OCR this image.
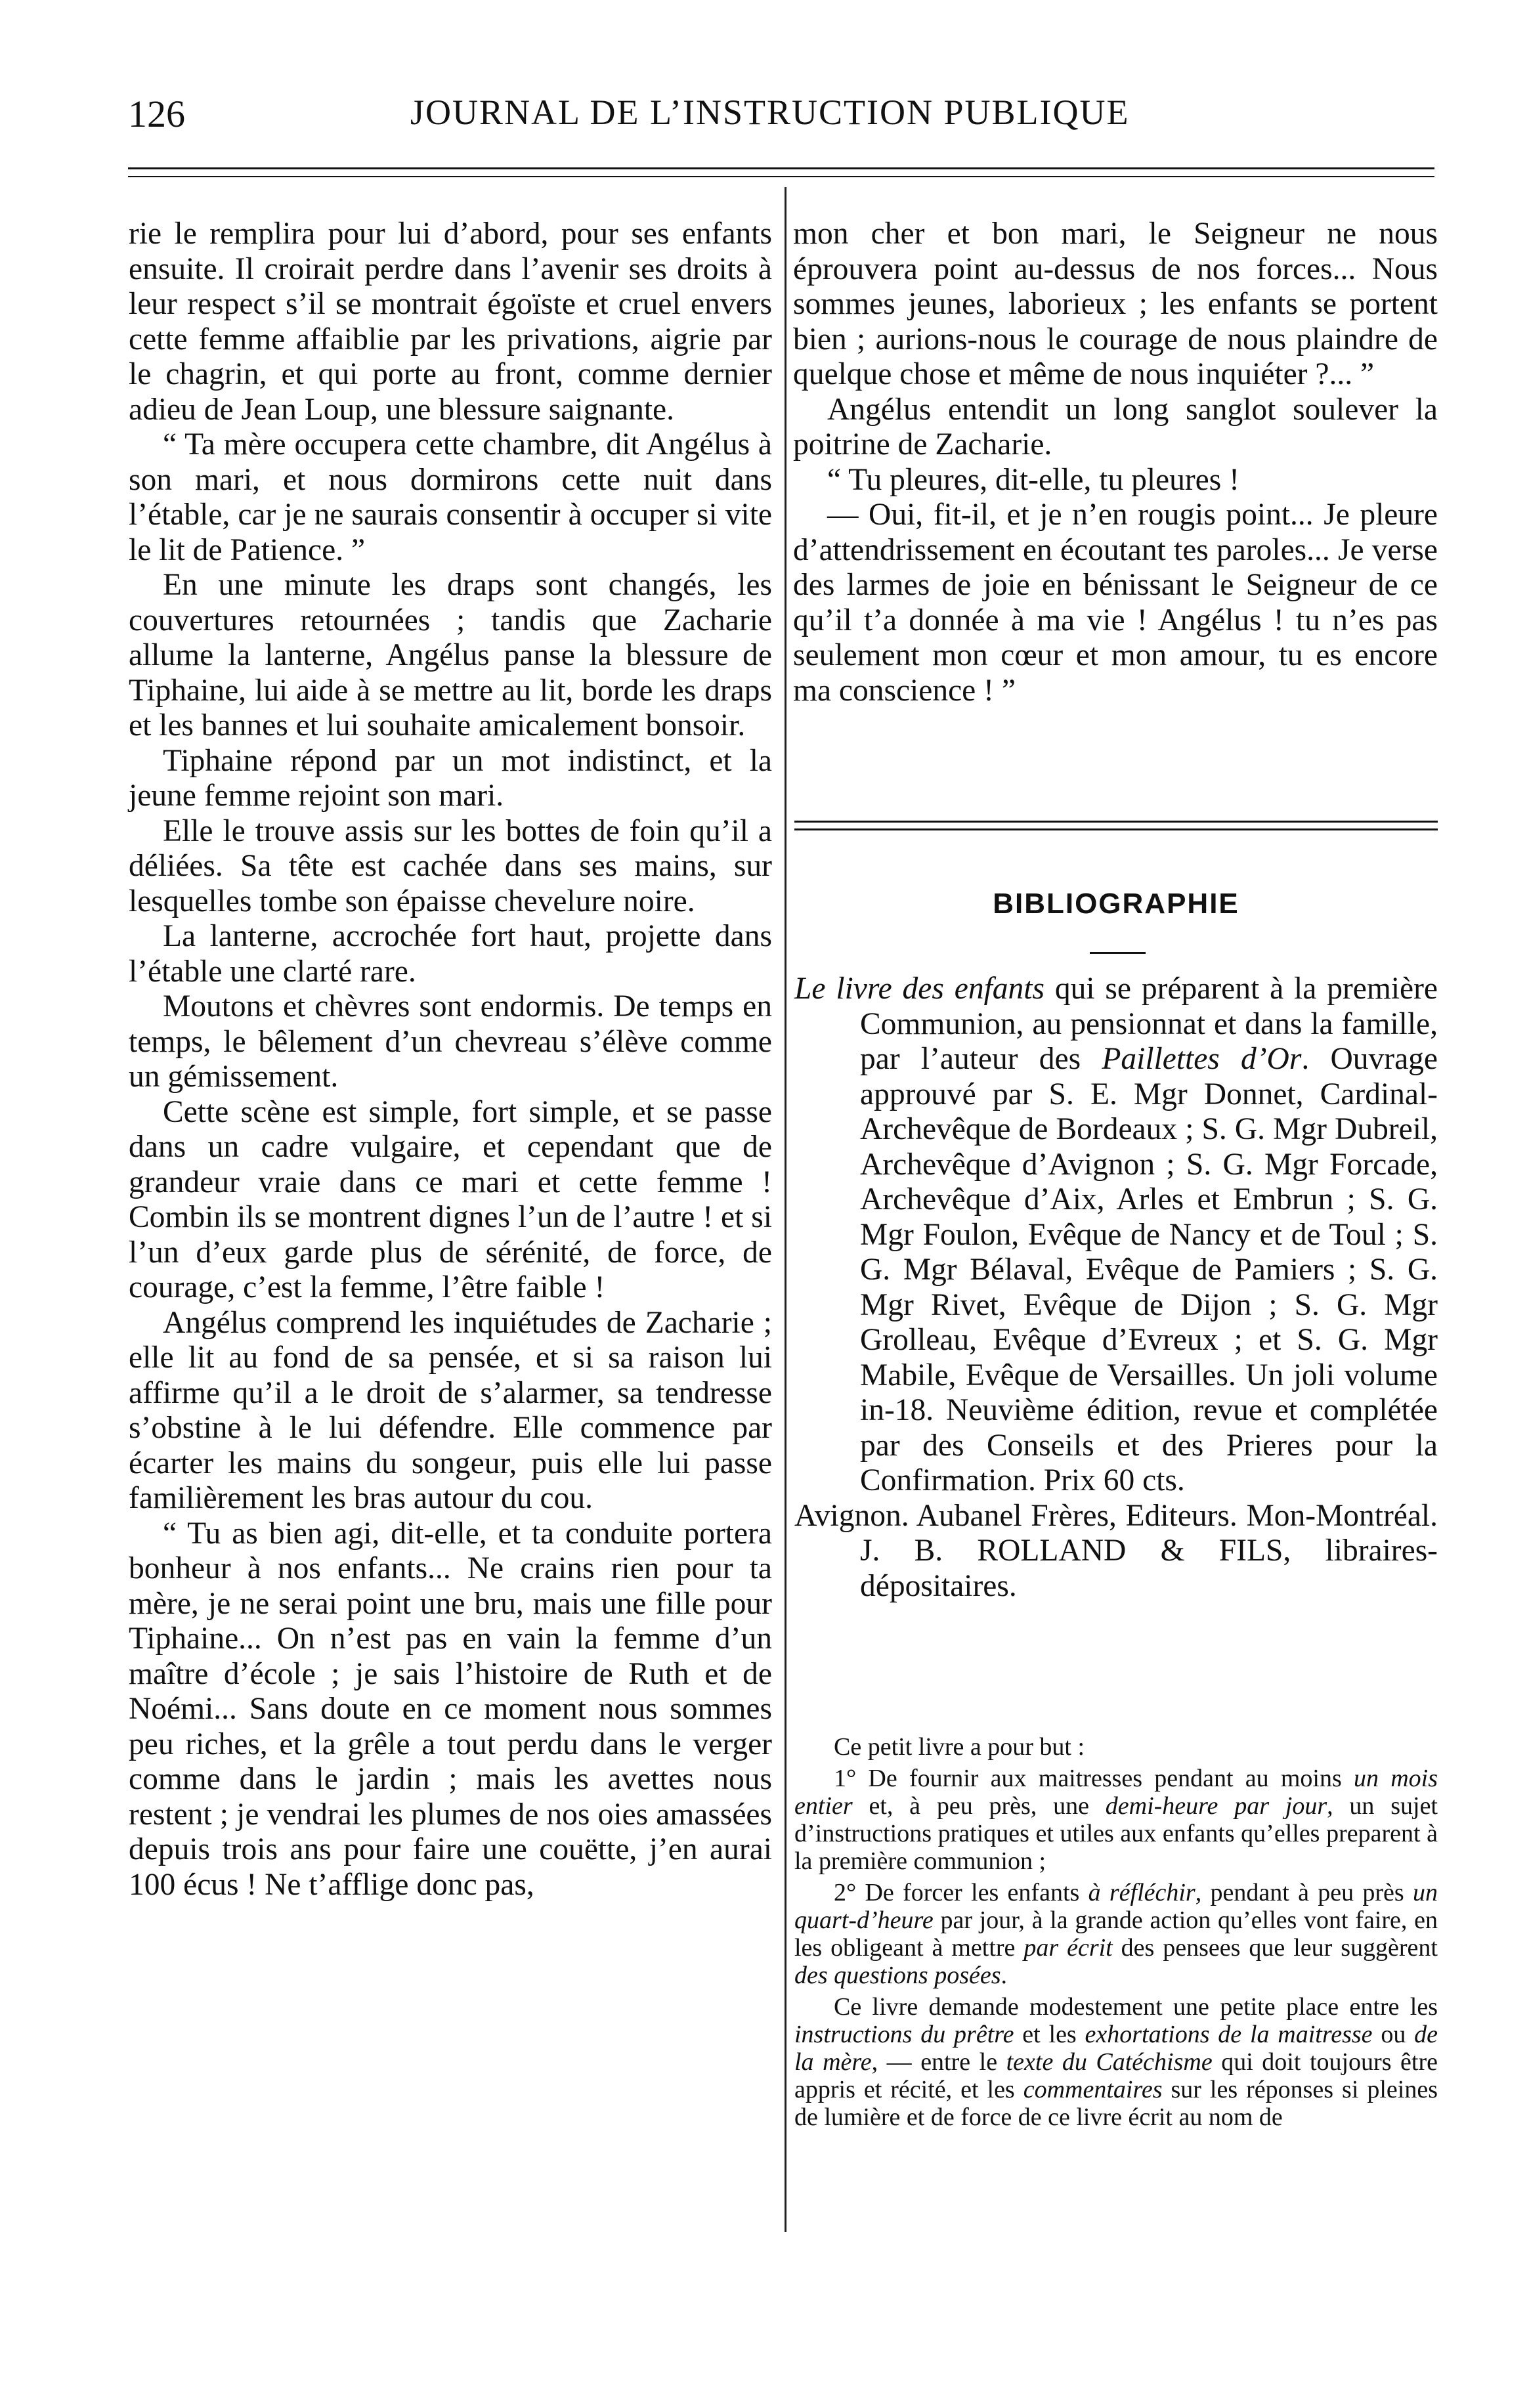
126	JOURNAL DE L’INSTRUCTION PUBLIQUE

rie le remplira pour lui d’abord, pour ses enfants ensuite. Il croirait perdre dans l’avenir ses droits à leur respect s’il se montrait égoïste et cruel envers cette femme affaiblie par les privations, aigrie par le chagrin, et qui porte au front, comme dernier adieu de Jean Loup, une blessure saignante.

“ Ta mère occupera cette chambre, dit Angélus à son mari, et nous dormirons cette nuit dans l’étable, car je ne saurais consentir à occuper si vite le lit de Patience. ”

En une minute les draps sont changés, les couvertures retournées ; tandis que Zacharie allume la lanterne, Angélus panse la blessure de Tiphaine, lui aide à se mettre au lit, borde les draps et les bannes et lui souhaite amicalement bonsoir.

Tiphaine répond par un mot indistinct, et la jeune femme rejoint son mari.

Elle le trouve assis sur les bottes de foin qu’il a déliées. Sa tête est cachée dans ses mains, sur lesquelles tombe son épaisse chevelure noire.

La lanterne, accrochée fort haut, projette dans l’étable une clarté rare.

Moutons et chèvres sont endormis. De temps en temps, le bêlement d’un chevreau s’élève comme un gémissement.

Cette scène est simple, fort simple, et se passe dans un cadre vulgaire, et cependant que de grandeur vraie dans ce mari et cette femme ! Combin ils se montrent dignes l’un de l’autre ! et si l’un d’eux garde plus de sérénité, de force, de courage, c’est la femme, l’être faible !

Angélus comprend les inquiétudes de Zacharie ; elle lit au fond de sa pensée, et si sa raison lui affirme qu’il a le droit de s’alarmer, sa tendresse s’obstine à le lui défendre. Elle commence par écarter les mains du songeur, puis elle lui passe familièrement les bras autour du cou.

“ Tu as bien agi, dit-elle, et ta conduite portera bonheur à nos enfants... Ne crains rien pour ta mère, je ne serai point une bru, mais une fille pour Tiphaine... On n’est pas en vain la femme d’un maître d’école ; je sais l’histoire de Ruth et de Noémi... Sans doute en ce moment nous sommes peu riches, et la grêle a tout perdu dans le verger comme dans le jardin ; mais les avettes nous restent ; je vendrai les plumes de nos oies amassées depuis trois ans pour faire une couëtte, j’en aurai 100 écus ! Ne t’afflige donc pas,

mon cher et bon mari, le Seigneur ne nous éprouvera point au-dessus de nos forces... Nous sommes jeunes, laborieux ; les enfants se portent bien ; aurions-nous le courage de nous plaindre de quelque chose et même de nous inquiéter ?... ”

Angélus entendit un long sanglot soulever la poitrine de Zacharie.

“ Tu pleures, dit-elle, tu pleures !

— Oui, fit-il, et je n’en rougis point... Je pleure d’attendrissement en écoutant tes paroles... Je verse des larmes de joie en bénissant le Seigneur de ce qu’il t’a donnée à ma vie ! Angélus ! tu n’es pas seulement mon cœur et mon amour, tu es encore ma conscience ! ”

BIBLIOGRAPHIE

Le livre des enfants qui se préparent à la première Communion, au pensionnat et dans la famille, par l’auteur des Paillettes d’Or. Ouvrage approuvé par S. E. Mgr Donnet, Cardinal-Archevêque de Bordeaux ; S. G. Mgr Dubreil, Archevêque d’Avignon ; S. G. Mgr Forcade, Archevêque d’Aix, Arles et Embrun ; S. G. Mgr Foulon, Evêque de Nancy et de Toul ; S. G. Mgr Bélaval, Evêque de Pamiers ; S. G. Mgr Rivet, Evêque de Dijon ; S. G. Mgr Grolleau, Evêque d’Evreux ; et S. G. Mgr Mabile, Evêque de Versailles. Un joli volume in-18. Neuvième édition, revue et complétée par des Conseils et des Prieres pour la Confirmation. Prix 60 cts.

Avignon. Aubanel Frères, Editeurs. Mon-Montréal. J. B. ROLLAND & FILS, libraires-dépositaires.

Ce petit livre a pour but :

1° De fournir aux maitresses pendant au moins un mois entier et, à peu près, une demi-heure par jour, un sujet d’instructions pratiques et utiles aux enfants qu’elles preparent à la première communion ;

2° De forcer les enfants à réfléchir, pendant à peu près un quart-d’heure par jour, à la grande action qu’elles vont faire, en les obligeant à mettre par écrit des pensees que leur suggèrent des questions posées.

Ce livre demande modestement une petite place entre les instructions du prêtre et les exhortations de la maitresse ou de la mère, — entre le texte du Catéchisme qui doit toujours être appris et récité, et les commentaires sur les réponses si pleines de lumière et de force de ce livre écrit au nom de
